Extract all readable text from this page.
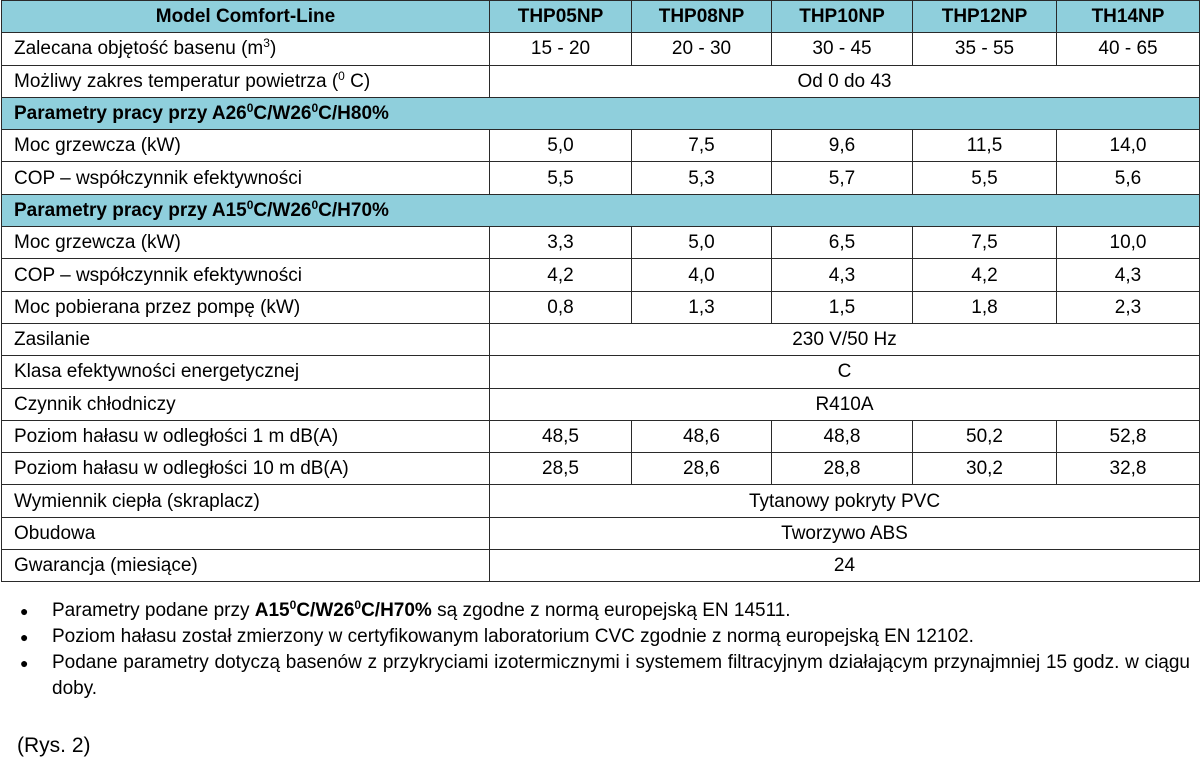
Model Comfort-Line	THP05NP	THP08NP	THP10NP	THP12NP	TH14NP
Zalecana objętość basenu $(m^3)$	15 - 20	20 - 30	30 - 45	35 - 55	40 - 65
Możliwy zakres temperatur powietrza ($^0$ C)	Od 0 do 43				
Parametry pracy przy $A26^0C/W26^0C/H80\%$					
Moc grzewcza (kW)	5,0	7,5	9,6	11,5	14,0
COP – współczynnik efektywności	5,5	5,3	5,7	5,5	5,6
Parametry pracy przy $A15^0C/W26^0C/H70\%$					
Moc grzewcza (kW)	3,3	5,0	6,5	7,5	10,0
COP – współczynnik efektywności	4,2	4,0	4,3	4,2	4,3
Moc pobierana przez pompę (kW)	0,8	1,3	1,5	1,8	2,3
Zasilanie	230 V/50 Hz				
Klasa efektywności energetycznej	C				
Czynnik chłodniczy	R410A				
Poziom hałasu w odległości 1 m dB(A)	48,5	48,6	48,8	50,2	52,8
Poziom hałasu w odległości 10 m dB(A)	28,5	28,6	28,8	30,2	32,8
Wymiennik ciepła (skraplacz)	Tytanowy pokryty PVC				
Obudowa	Tworzywo ABS				
Gwarancja (miesiące)	24				
● Parametry podane przy $A15^0C/W26^0C/H70\%$ są zgodne z normą europejską EN 14511.
● Poziom hałasu został zmierzony w certyfikowanym laboratorium CVC zgodnie z normą europejską EN 12102.
● Podane parametry dotyczą basenów z przykryciami izotermicznymi i systemem filtracyjnym działającym przynajmniej 15 godz. w ciągu doby.
(Rys. 2)
